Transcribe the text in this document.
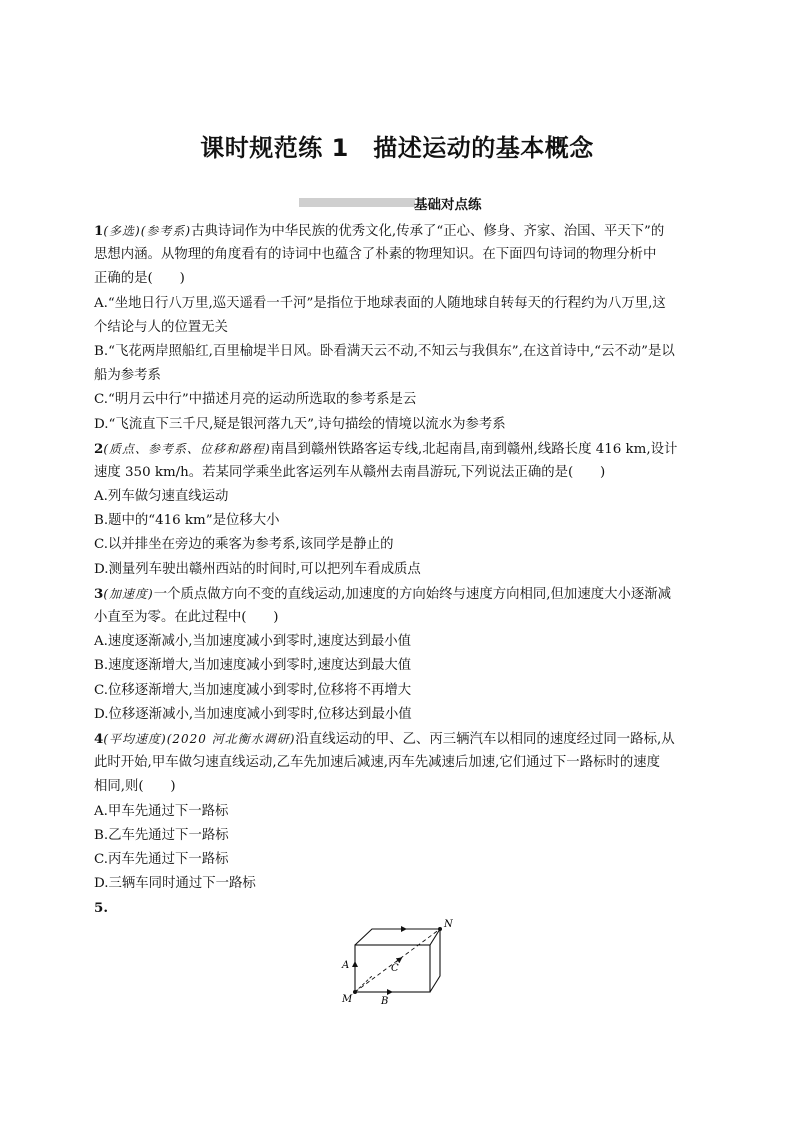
课时规范练 1　描述运动的基本概念
基础对点练
1(多选)(参考系)古典诗词作为中华民族的优秀文化,传承了“正心、修身、齐家、治国、平天下”的
思想内涵。从物理的角度看有的诗词中也蕴含了朴素的物理知识。在下面四句诗词的物理分析中
正确的是(　　)
A.“坐地日行八万里,巡天遥看一千河”是指位于地球表面的人随地球自转每天的行程约为八万里,这
个结论与人的位置无关
B.“飞花两岸照船红,百里榆堤半日风。卧看满天云不动,不知云与我俱东”,在这首诗中,“云不动”是以
船为参考系
C.“明月云中行”中描述月亮的运动所选取的参考系是云
D.“飞流直下三千尺,疑是银河落九天”,诗句描绘的情境以流水为参考系
2(质点、参考系、位移和路程)南昌到赣州铁路客运专线,北起南昌,南到赣州,线路长度 416 km,设计
速度 350 km/h。若某同学乘坐此客运列车从赣州去南昌游玩,下列说法正确的是(　　)
A.列车做匀速直线运动
B.题中的“416 km”是位移大小
C.以并排坐在旁边的乘客为参考系,该同学是静止的
D.测量列车驶出赣州西站的时间时,可以把列车看成质点
3(加速度)一个质点做方向不变的直线运动,加速度的方向始终与速度方向相同,但加速度大小逐渐减
小直至为零。在此过程中(　　)
A.速度逐渐减小,当加速度减小到零时,速度达到最小值
B.速度逐渐增大,当加速度减小到零时,速度达到最大值
C.位移逐渐增大,当加速度减小到零时,位移将不再增大
D.位移逐渐减小,当加速度减小到零时,位移达到最小值
4(平均速度)(2020 河北衡水调研)沿直线运动的甲、乙、丙三辆汽车以相同的速度经过同一路标,从
此时开始,甲车做匀速直线运动,乙车先加速后减速,丙车先减速后加速,它们通过下一路标时的速度
相同,则(　　)
A.甲车先通过下一路标
B.乙车先通过下一路标
C.丙车先通过下一路标
D.三辆车同时通过下一路标
5.
N
A	C
M	B
